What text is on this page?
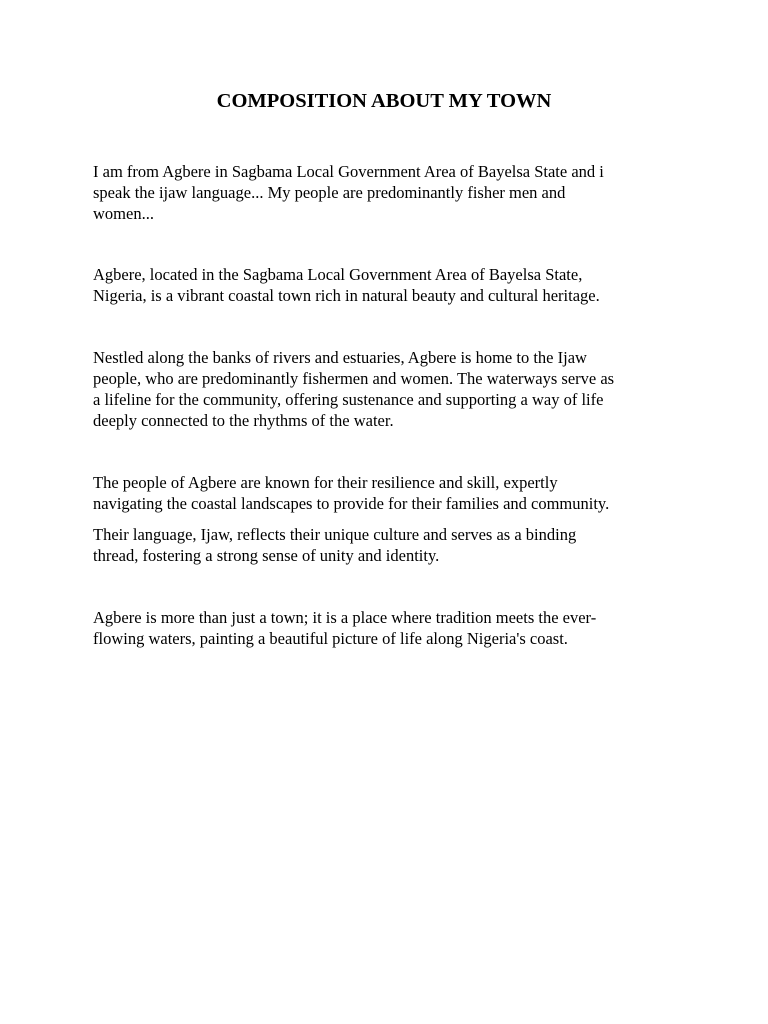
COMPOSITION ABOUT MY TOWN

I am from Agbere in Sagbama Local Government Area of Bayelsa State and i
speak the ijaw language... My people are predominantly fisher men and
women...

Agbere, located in the Sagbama Local Government Area of Bayelsa State,
Nigeria, is a vibrant coastal town rich in natural beauty and cultural heritage.

Nestled along the banks of rivers and estuaries, Agbere is home to the Ijaw
people, who are predominantly fishermen and women. The waterways serve as
a lifeline for the community, offering sustenance and supporting a way of life
deeply connected to the rhythms of the water.

The people of Agbere are known for their resilience and skill, expertly
navigating the coastal landscapes to provide for their families and community.

Their language, Ijaw, reflects their unique culture and serves as a binding
thread, fostering a strong sense of unity and identity.

Agbere is more than just a town; it is a place where tradition meets the ever-
flowing waters, painting a beautiful picture of life along Nigeria's coast.
